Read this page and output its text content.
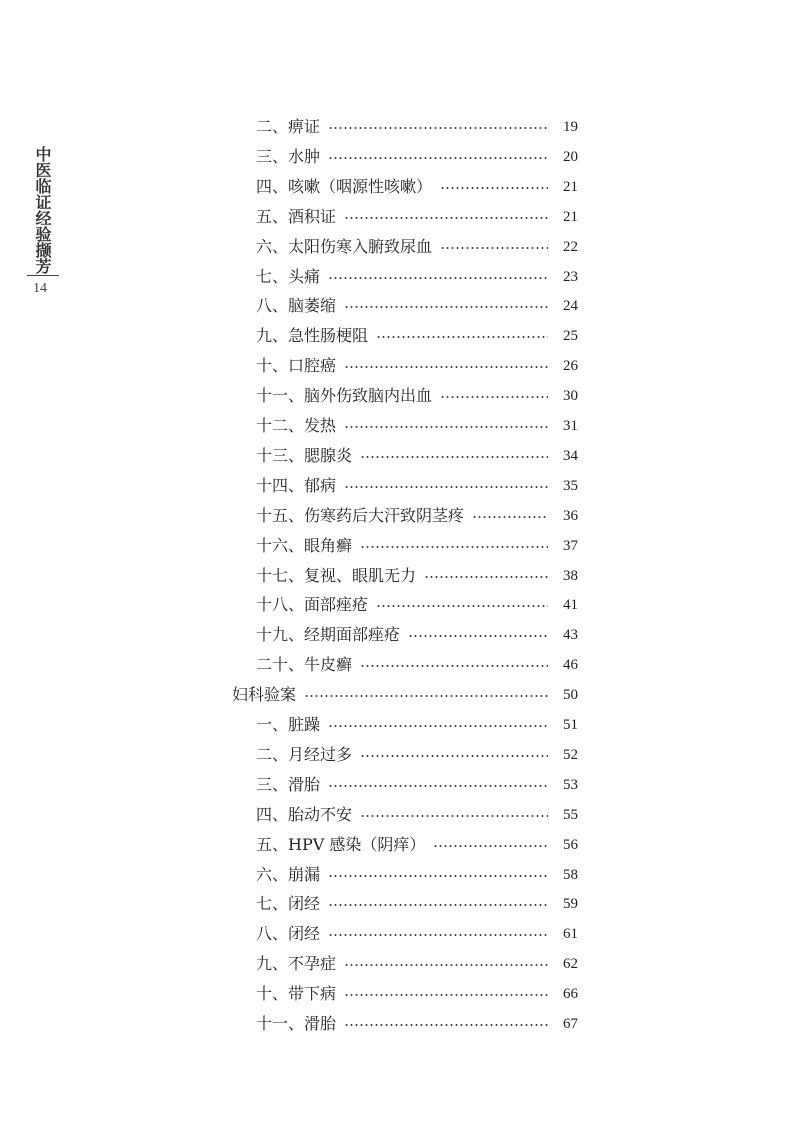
中医临证经验撷芳
14
二、痹证	19
三、水肿	20
四、咳嗽（咽源性咳嗽）	21
五、酒积证	21
六、太阳伤寒入腑致尿血	22
七、头痛	23
八、脑萎缩	24
九、急性肠梗阻	25
十、口腔癌	26
十一、脑外伤致脑内出血	30
十二、发热	31
十三、腮腺炎	34
十四、郁病	35
十五、伤寒药后大汗致阴茎疼	36
十六、眼角癣	37
十七、复视、眼肌无力	38
十八、面部痤疮	41
十九、经期面部痤疮	43
二十、牛皮癣	46
妇科验案	50
一、脏躁	51
二、月经过多	52
三、滑胎	53
四、胎动不安	55
五、HPV 感染（阴痒）	56
六、崩漏	58
七、闭经	59
八、闭经	61
九、不孕症	62
十、带下病	66
十一、滑胎	67
